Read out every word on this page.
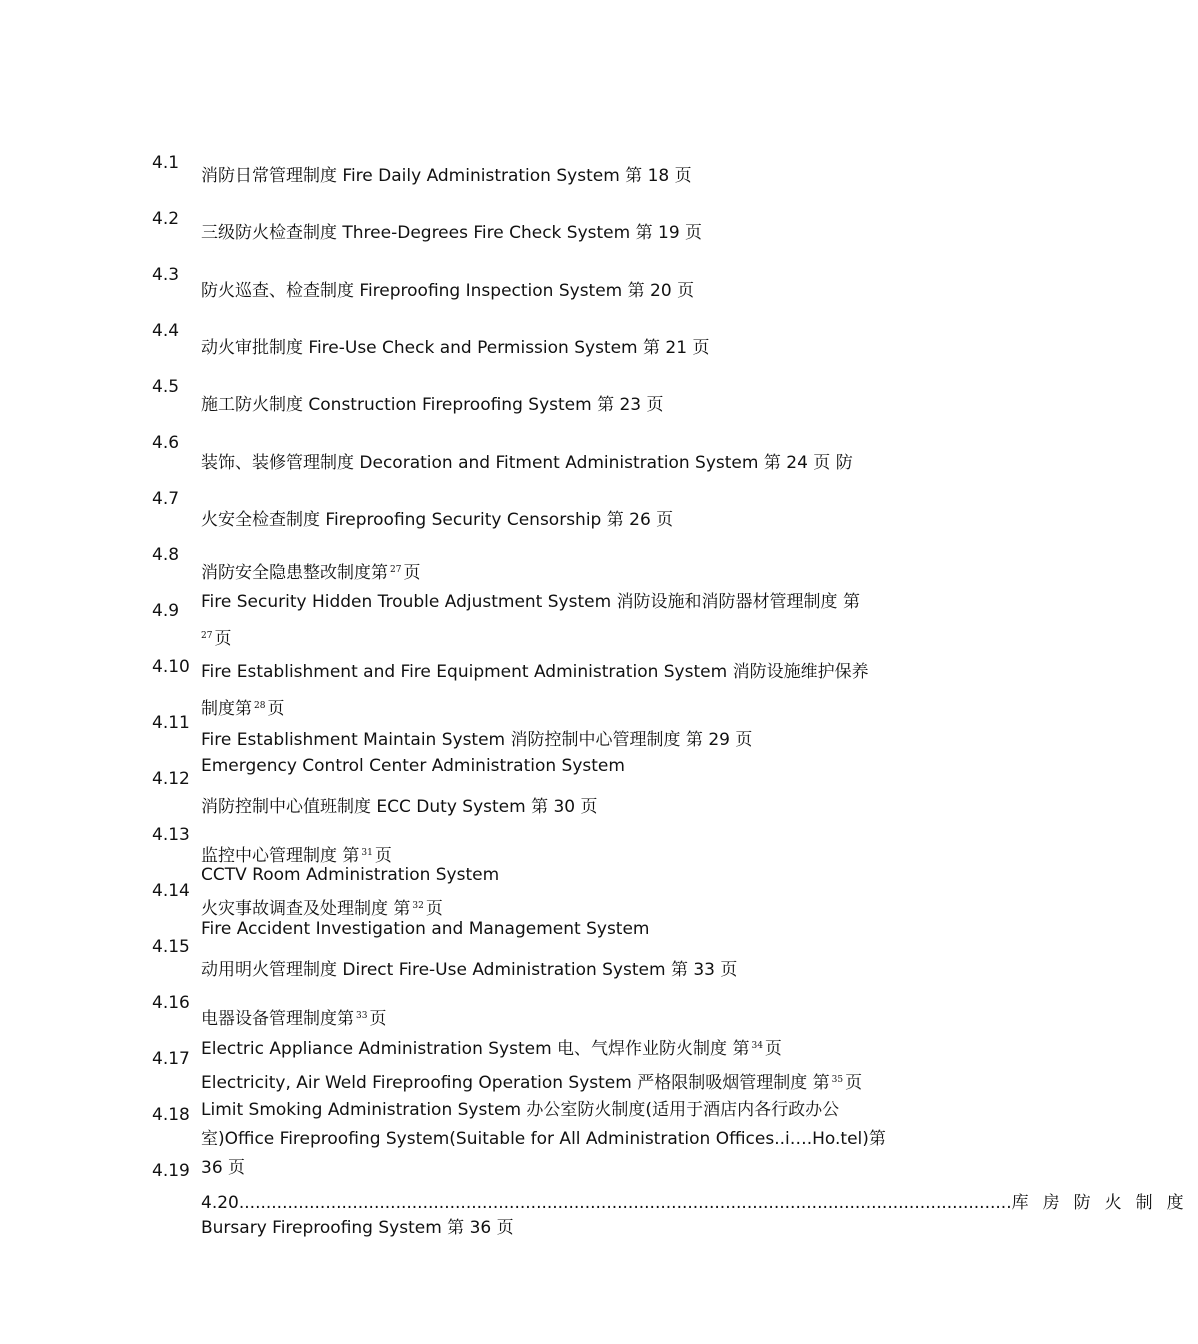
4.1
4.2
4.3
4.4
4.5
4.6
4.7
4.8
4.9
4.10
4.11
4.12
4.13
4.14
4.15
4.16
4.17
4.18
4.19
消防日常管理制度 Fire Daily Administration System 第 18 页
三级防火检查制度 Three-Degrees Fire Check System 第 19 页
防火巡查、检查制度 Fireproofing Inspection System 第 20 页
动火审批制度 Fire-Use Check and Permission System 第 21 页
施工防火制度 Construction Fireproofing System 第 23 页
装饰、装修管理制度 Decoration and Fitment Administration System 第 24 页 防
火安全检查制度 Fireproofing Security Censorship 第 26 页
消防安全隐患整改制度第 $^{27}$ 页
Fire Security Hidden Trouble Adjustment System 消防设施和消防器材管理制度 第
$^{27}$ 页
Fire Establishment and Fire Equipment Administration System 消防设施维护保养
制度第 $^{28}$ 页
Fire Establishment Maintain System 消防控制中心管理制度 第 29 页
Emergency Control Center Administration System
消防控制中心值班制度 ECC Duty System 第 30 页
监控中心管理制度 第 $^{31}$ 页
CCTV Room Administration System
火灾事故调查及处理制度 第 $^{32}$ 页
Fire Accident Investigation and Management System
动用明火管理制度 Direct Fire-Use Administration System 第 33 页
电器设备管理制度第 $^{33}$ 页
Electric Appliance Administration System 电、气焊作业防火制度 第 $^{34}$ 页
Electricity, Air Weld Fireproofing Operation System 严格限制吸烟管理制度 第 $^{35}$ 页
Limit Smoking Administration System 办公室防火制度(适用于酒店内各行政办公
室)Office Fireproofing System(Suitable for All Administration Offices..i….Ho.tel)第
36 页
4.20 ............................................................................................................................................... 库房防火制度
Bursary Fireproofing System 第 36 页
